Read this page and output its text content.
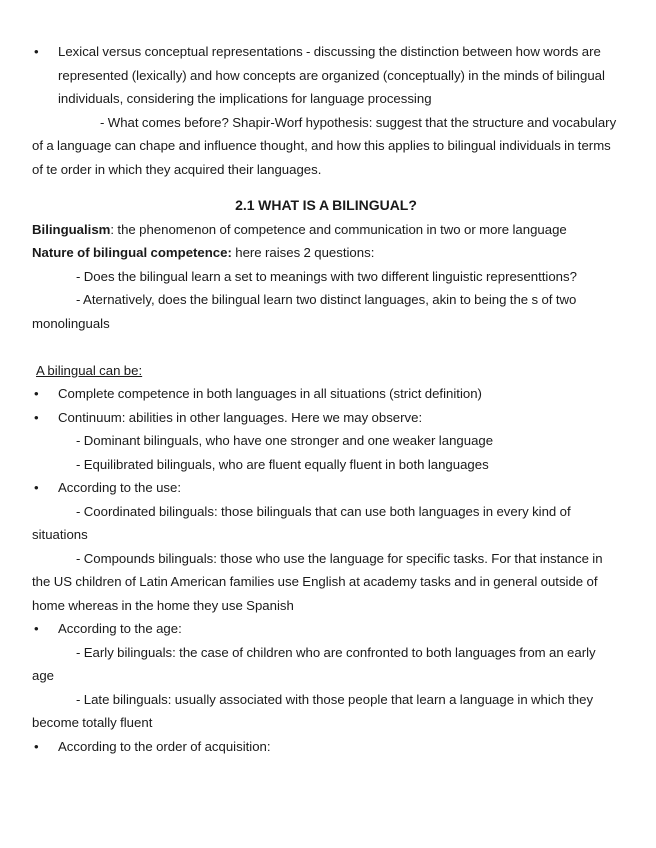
• Lexical versus conceptual representations - discussing the distinction between how words are represented (lexically) and how concepts are organized (conceptually) in the minds of bilingual individuals, considering the implications for language processing

- What comes before? Shapir-Worf hypothesis: suggest that the structure and vocabulary of a language can chape and influence thought, and how this applies to bilingual individuals in terms of te order in which they acquired their languages.

2.1 WHAT IS A BILINGUAL?

Bilingualism: the phenomenon of competence and communication in two or more language

Nature of bilingual competence: here raises 2 questions:

- Does the bilingual learn a set to meanings with two different linguistic representtions?

- Aternatively, does the bilingual learn two distinct languages, akin to being the s of two monolinguals

A bilingual can be:

• Complete competence in both languages in all situations (strict definition)

• Continuum: abilities in other languages. Here we may observe:

- Dominant bilinguals, who have one stronger and one weaker language

- Equilibrated bilinguals, who are fluent equally fluent in both languages

• According to the use:

- Coordinated bilinguals: those bilinguals that can use both languages in every kind of situations

- Compounds bilinguals: those who use the language for specific tasks. For that instance in the US children of Latin American families use English at academy tasks and in general outside of home whereas in the home they use Spanish

• According to the age:

- Early bilinguals: the case of children who are confronted to both languages from an early age

- Late bilinguals: usually associated with those people that learn a language in which they become totally fluent

• According to the order of acquisition:
